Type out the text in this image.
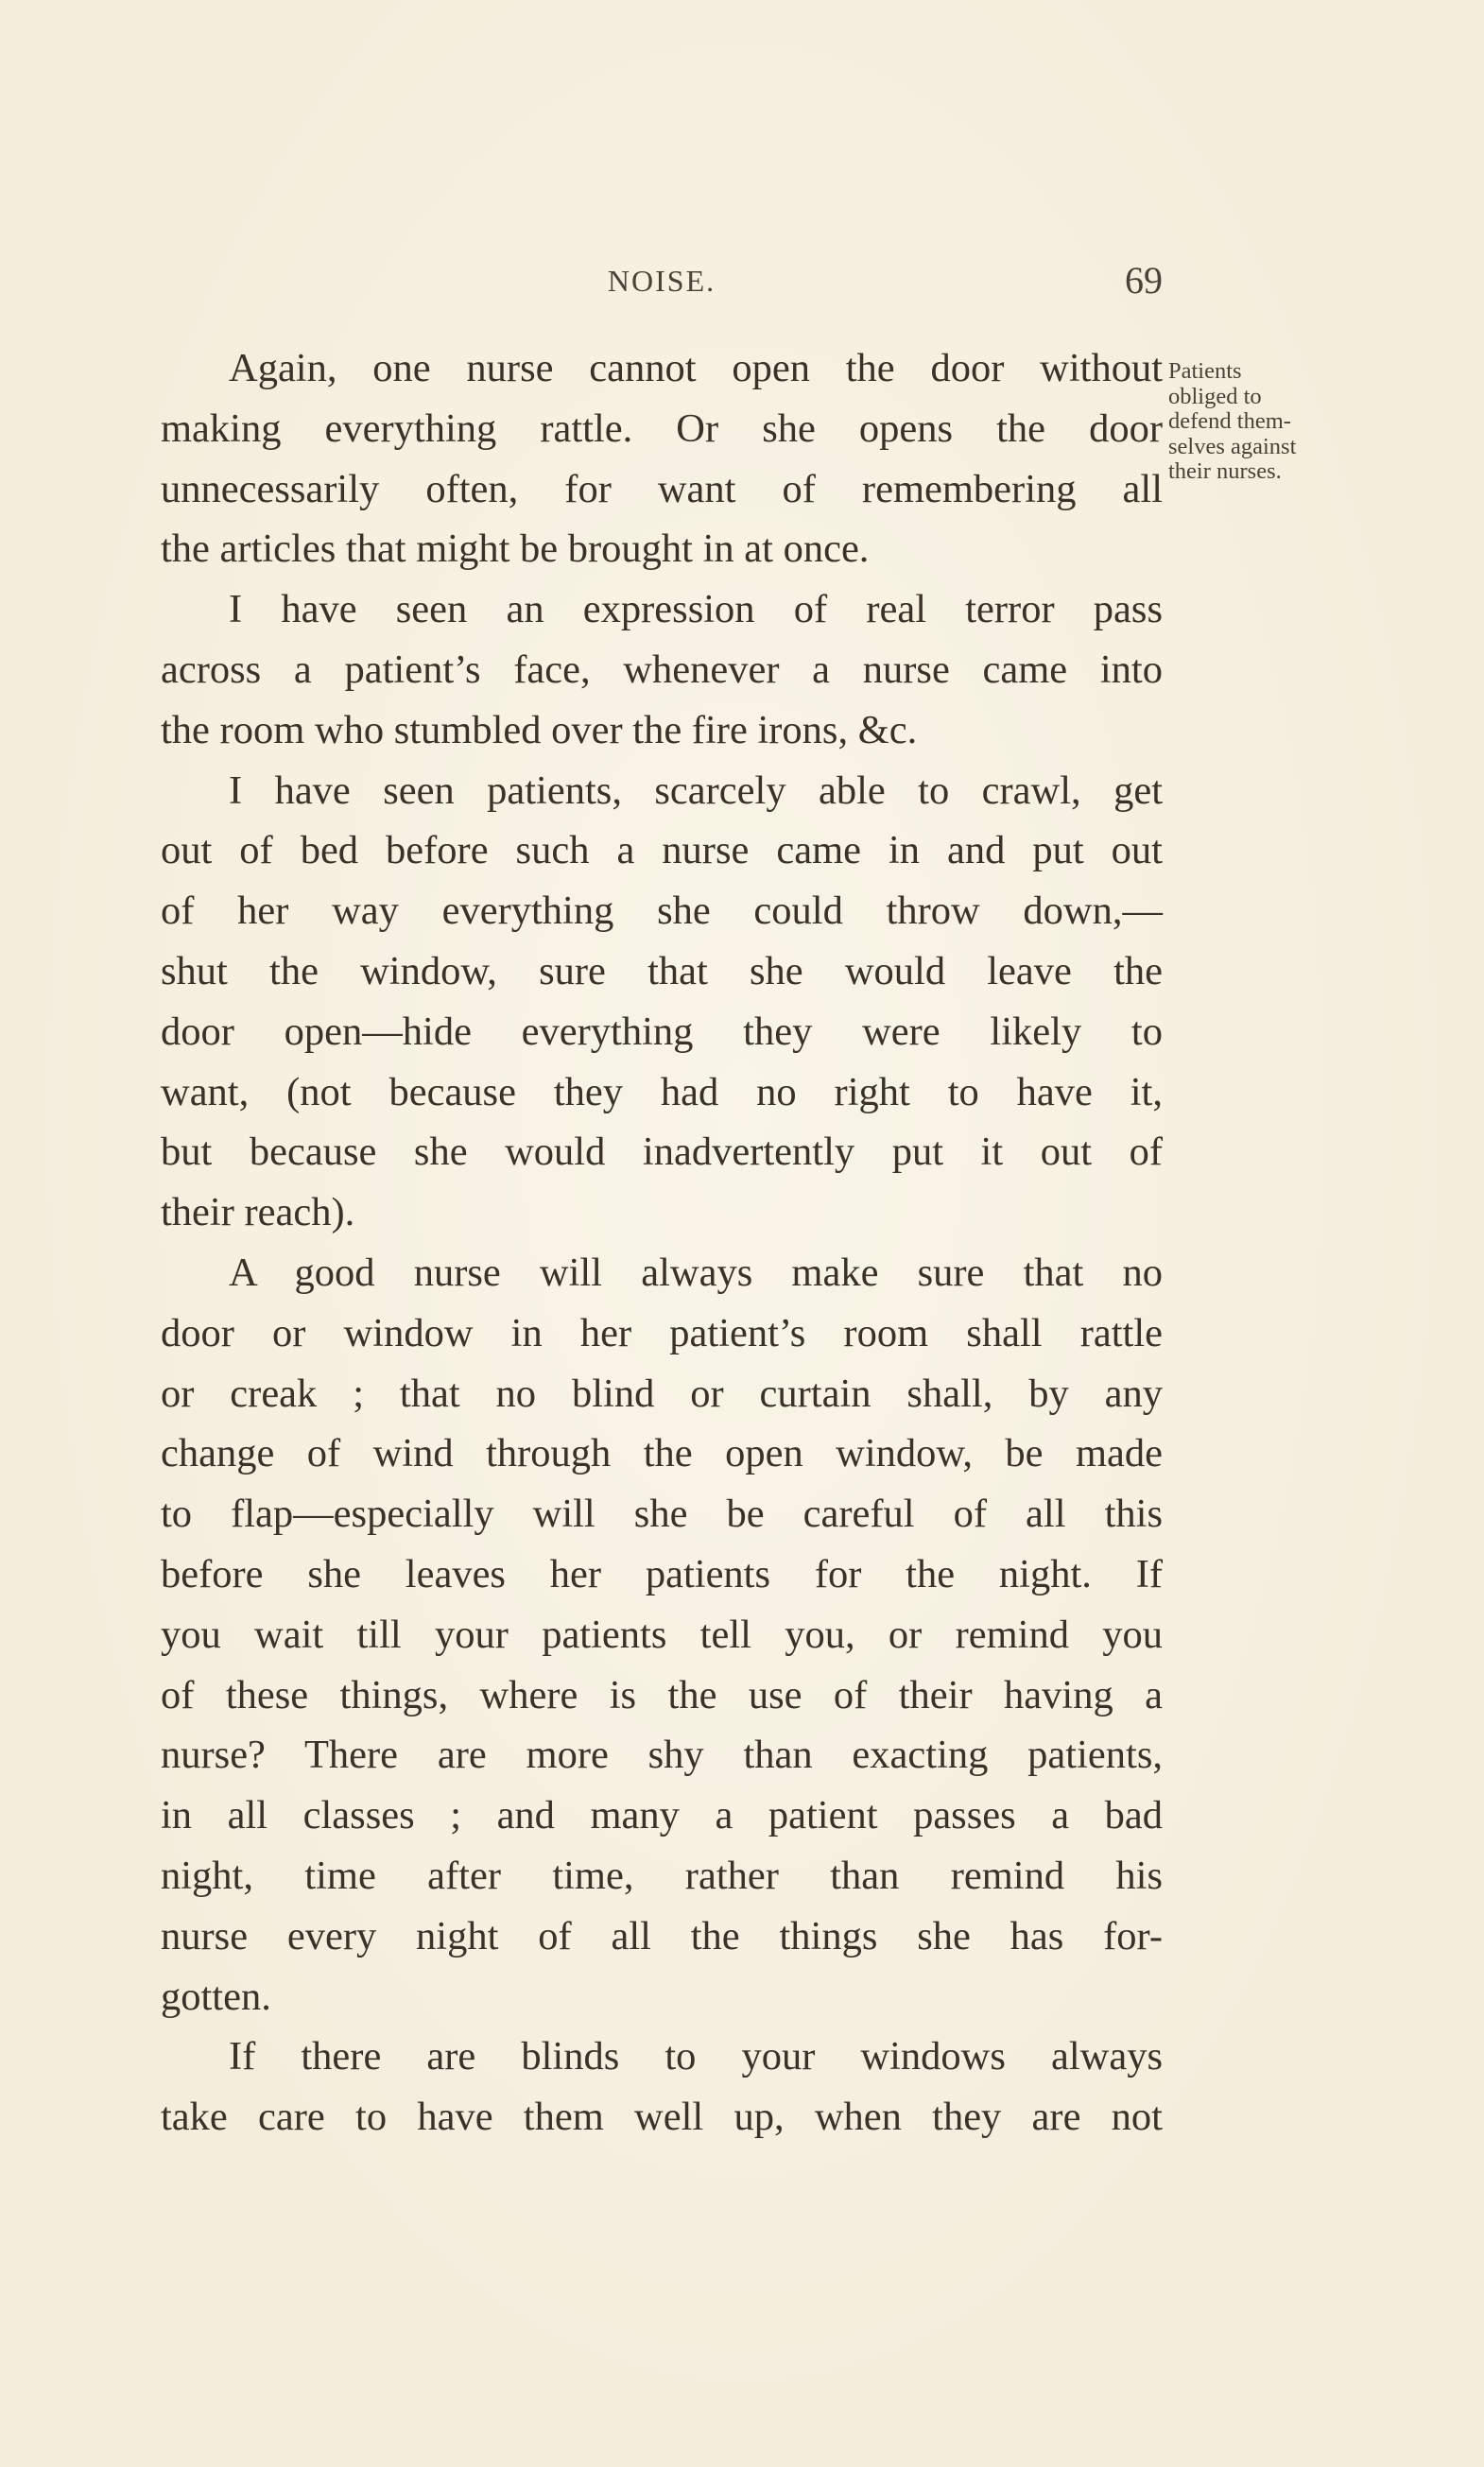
NOISE.	69

Again, one nurse cannot open the door without
making everything rattle. Or she opens the door
unnecessarily often, for want of remembering all
the articles that might be brought in at once.

I have seen an expression of real terror pass
across a patient’s face, whenever a nurse came into
the room who stumbled over the fire irons, &c.

I have seen patients, scarcely able to crawl, get
out of bed before such a nurse came in and put out
of her way everything she could throw down,—
shut the window, sure that she would leave the
door open—hide everything they were likely to
want, (not because they had no right to have it,
but because she would inadvertently put it out of
their reach).

A good nurse will always make sure that no
door or window in her patient’s room shall rattle
or creak ; that no blind or curtain shall, by any
change of wind through the open window, be made
to flap—especially will she be careful of all this
before she leaves her patients for the night. If
you wait till your patients tell you, or remind you
of these things, where is the use of their having a
nurse? There are more shy than exacting patients,
in all classes ; and many a patient passes a bad
night, time after time, rather than remind his
nurse every night of all the things she has for-
gotten.

If there are blinds to your windows always
take care to have them well up, when they are not

Patients
obliged to
defend them-
selves against
their nurses.
